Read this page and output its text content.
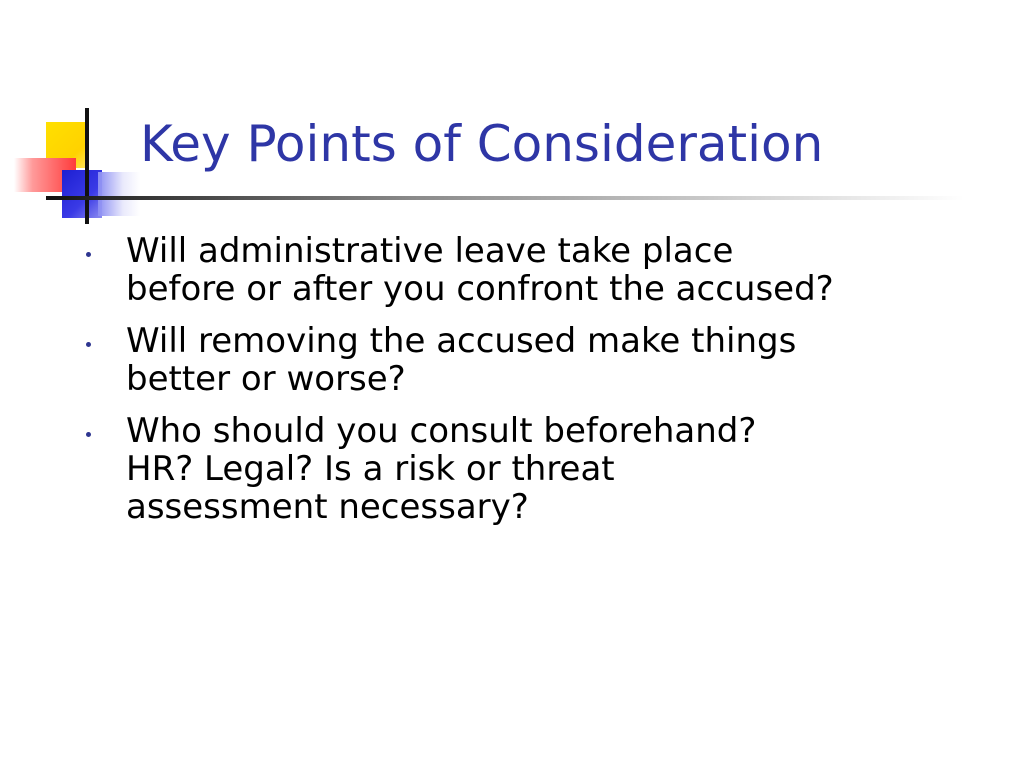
Key Points of Consideration
Will administrative leave take place
before or after you confront the accused?
Will removing the accused make things
better or worse?
Who should you consult beforehand?
HR? Legal? Is a risk or threat
assessment necessary?
